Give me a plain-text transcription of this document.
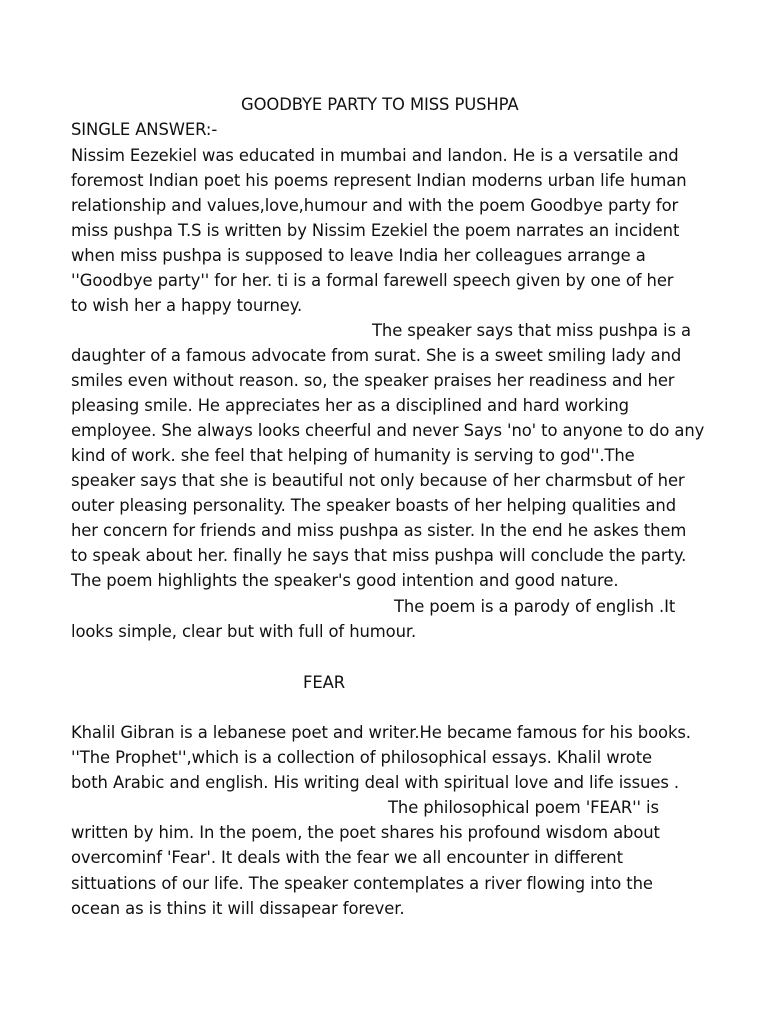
GOODBYE PARTY TO MISS PUSHPA
SINGLE ANSWER:-
Nissim Eezekiel was educated in mumbai and landon. He is a versatile and
foremost Indian poet his poems represent Indian moderns urban life human
relationship and values,love,humour and with the poem Goodbye party for
miss pushpa T.S is written by Nissim Ezekiel the poem narrates an incident
when miss pushpa is supposed to leave India her colleagues arrange a
''Goodbye party'' for her. ti is a formal farewell speech given by one of her
to wish her a happy tourney.
The speaker says that miss pushpa is a
daughter of a famous advocate from surat. She is a sweet smiling lady and
smiles even without reason. so, the speaker praises her readiness and her
pleasing smile. He appreciates her as a disciplined and hard working
employee. She always looks cheerful and never Says 'no' to anyone to do any
kind of work. she feel that helping of humanity is serving to god''.The
speaker says that she is beautiful not only because of her charmsbut of her
outer pleasing personality. The speaker boasts of her helping qualities and
her concern for friends and miss pushpa as sister. In the end he askes them
to speak about her. finally he says that miss pushpa will conclude the party.
The poem highlights the speaker's good intention and good nature.
The poem is a parody of english .It
looks simple, clear but with full of humour.
FEAR
Khalil Gibran is a lebanese poet and writer.He became famous for his books.
''The Prophet'',which is a collection of philosophical essays. Khalil wrote
both Arabic and english. His writing deal with spiritual love and life issues .
The philosophical poem 'FEAR'' is
written by him. In the poem, the poet shares his profound wisdom about
overcominf 'Fear'. It deals with the fear we all encounter in different
sittuations of our life. The speaker contemplates a river flowing into the
ocean as is thins it will dissapear forever.
